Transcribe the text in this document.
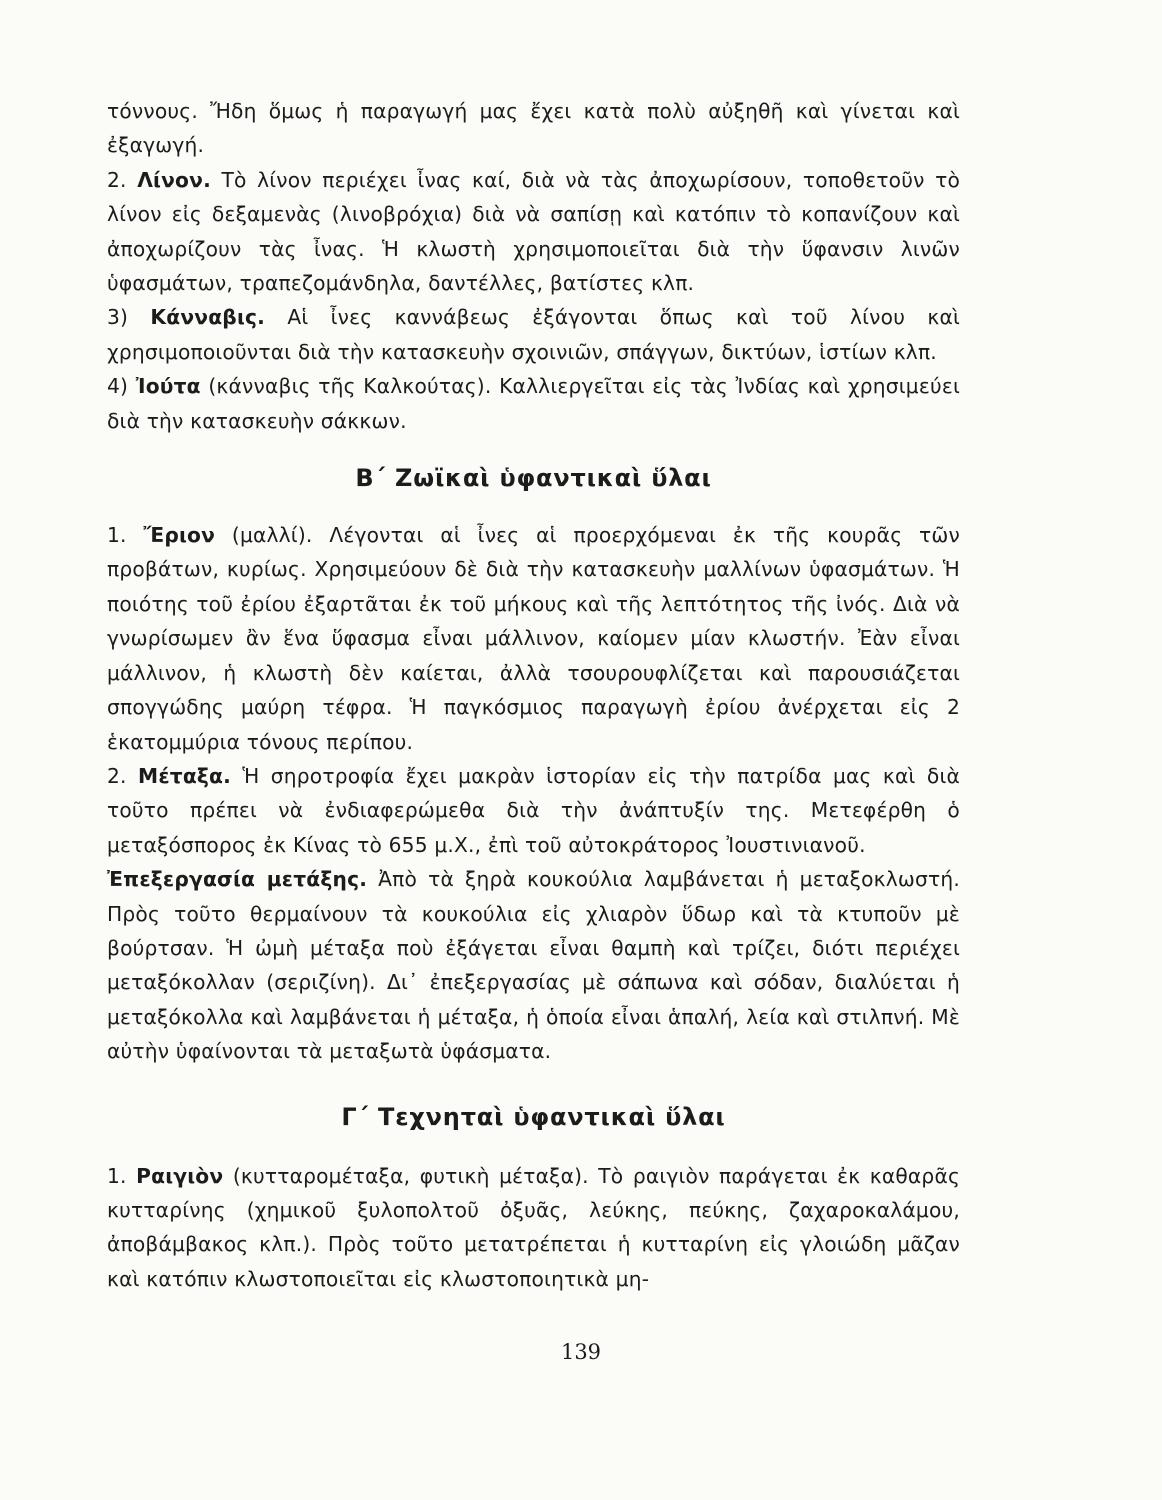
τόννους. Ἤδη ὅμως ἡ παραγωγή μας ἔχει κατὰ πολὺ αὐξηθῆ καὶ γίνεται καὶ ἐξαγωγή.

2. Λίνον. Τὸ λίνον περιέχει ἶνας καί, διὰ νὰ τὰς ἀποχωρίσουν, τοποθετοῦν τὸ λίνον εἰς δεξαμενὰς (λινοβρόχια) διὰ νὰ σαπίσῃ καὶ κατόπιν τὸ κοπανίζουν καὶ ἀποχωρίζουν τὰς ἶνας. Ἡ κλωστὴ χρησιμοποιεῖται διὰ τὴν ὕφανσιν λινῶν ὑφασμάτων, τραπεζομάνδηλα, δαντέλλες, βατίστες κλπ.

3) Κάνναβις. Αἱ ἶνες καννάβεως ἐξάγονται ὅπως καὶ τοῦ λίνου καὶ χρησιμοποιοῦνται διὰ τὴν κατασκευὴν σχοινιῶν, σπάγγων, δικτύων, ἱστίων κλπ.

4) Ἰούτα (κάνναβις τῆς Καλκούτας). Καλλιεργεῖται εἰς τὰς Ἰνδίας καὶ χρησιμεύει διὰ τὴν κατασκευὴν σάκκων.

Β΄ Ζωϊκαὶ ὑφαντικαὶ ὕλαι

1. Ἔριον (μαλλί). Λέγονται αἱ ἶνες αἱ προερχόμεναι ἐκ τῆς κουρᾶς τῶν προβάτων, κυρίως. Χρησιμεύουν δὲ διὰ τὴν κατασκευὴν μαλλίνων ὑφασμάτων. Ἡ ποιότης τοῦ ἐρίου ἐξαρτᾶται ἐκ τοῦ μήκους καὶ τῆς λεπτότητος τῆς ἰνός. Διὰ νὰ γνωρίσωμεν ἂν ἕνα ὕφασμα εἶναι μάλλινον, καίομεν μίαν κλωστήν. Ἐὰν εἶναι μάλλινον, ἡ κλωστὴ δὲν καίεται, ἀλλὰ τσουρουφλίζεται καὶ παρουσιάζεται σπογγώδης μαύρη τέφρα. Ἡ παγκόσμιος παραγωγὴ ἐρίου ἀνέρχεται εἰς 2 ἑκατομμύρια τόνους περίπου.

2. Μέταξα. Ἡ σηροτροφία ἔχει μακρὰν ἱστορίαν εἰς τὴν πατρίδα μας καὶ διὰ τοῦτο πρέπει νὰ ἐνδιαφερώμεθα διὰ τὴν ἀνάπτυξίν της. Μετεφέρθη ὁ μεταξόσπορος ἐκ Κίνας τὸ 655 μ.Χ., ἐπὶ τοῦ αὐτοκράτορος Ἰουστινιανοῦ.

Ἐπεξεργασία μετάξης. Ἀπὸ τὰ ξηρὰ κουκούλια λαμβάνεται ἡ μεταξοκλωστή. Πρὸς τοῦτο θερμαίνουν τὰ κουκούλια εἰς χλιαρὸν ὕδωρ καὶ τὰ κτυποῦν μὲ βούρτσαν. Ἡ ὠμὴ μέταξα ποὺ ἐξάγεται εἶναι θαμπὴ καὶ τρίζει, διότι περιέχει μεταξόκολλαν (σεριζίνη). Δι᾿ ἐπεξεργασίας μὲ σάπωνα καὶ σόδαν, διαλύεται ἡ μεταξόκολλα καὶ λαμβάνεται ἡ μέταξα, ἡ ὁποία εἶναι ἁπαλή, λεία καὶ στιλπνή. Μὲ αὐτὴν ὑφαίνονται τὰ μεταξωτὰ ὑφάσματα.

Γ΄ Τεχνηταὶ ὑφαντικαὶ ὕλαι

1. Ραιγιὸν (κυτταρομέταξα, φυτικὴ μέταξα). Τὸ ραιγιὸν παράγεται ἐκ καθαρᾶς κυτταρίνης (χημικοῦ ξυλοπολτοῦ ὀξυᾶς, λεύκης, πεύκης, ζαχαροκαλάμου, ἀποβάμβακος κλπ.). Πρὸς τοῦτο μετατρέπεται ἡ κυτταρίνη εἰς γλοιώδη μᾶζαν καὶ κατόπιν κλωστοποιεῖται εἰς κλωστοποιητικὰ μη-

139
